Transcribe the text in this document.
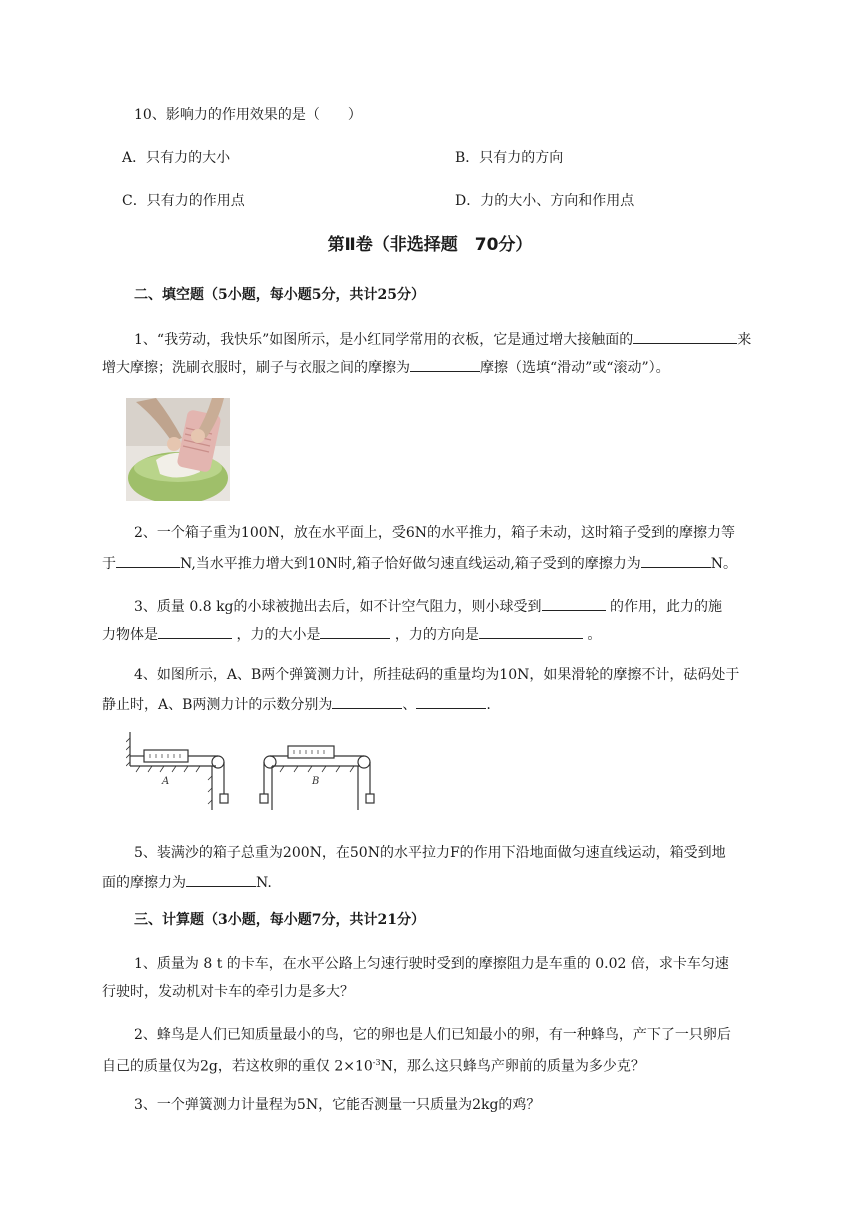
10、影响力的作用效果的是（　　）
A．只有力的大小	B．只有力的方向
C．只有力的作用点	D．力的大小、方向和作用点
第Ⅱ卷（非选择题　70分）
二、填空题（5小题，每小题5分，共计25分）
1、“我劳动，我快乐”如图所示，是小红同学常用的衣板，它是通过增大接触面的	来
增大摩擦；洗刷衣服时，刷子与衣服之间的摩擦为	摩擦（选填“滑动”或“滚动”）。
2、一个箱子重为100N，放在水平面上，受6N的水平推力，箱子未动，这时箱子受到的摩擦力等
于	N,当水平推力增大到10N时,箱子恰好做匀速直线运动,箱子受到的摩擦力为	N。
3、质量 0.8 kg的小球被抛出去后，如不计空气阻力，则小球受到	的作用，此力的施
力物体是	，力的大小是	，力的方向是	。
4、如图所示，A、B两个弹簧测力计，所挂砝码的重量均为10N，如果滑轮的摩擦不计，砝码处于
静止时，A、B两测力计的示数分别为	、	.
A	B
5、装满沙的箱子总重为200N，在50N的水平拉力F的作用下沿地面做匀速直线运动，箱受到地
面的摩擦力为	N.
三、计算题（3小题，每小题7分，共计21分）
1、质量为 8 t 的卡车，在水平公路上匀速行驶时受到的摩擦阻力是车重的 0.02 倍，求卡车匀速
行驶时，发动机对卡车的牵引力是多大？
2、蜂鸟是人们已知质量最小的鸟，它的卵也是人们已知最小的卵，有一种蜂鸟，产下了一只卵后
自己的质量仅为2g，若这枚卵的重仅 $2\times 10^{-3}N$，那么这只蜂鸟产卵前的质量为多少克？
3、一个弹簧测力计量程为5N，它能否测量一只质量为2kg的鸡？
